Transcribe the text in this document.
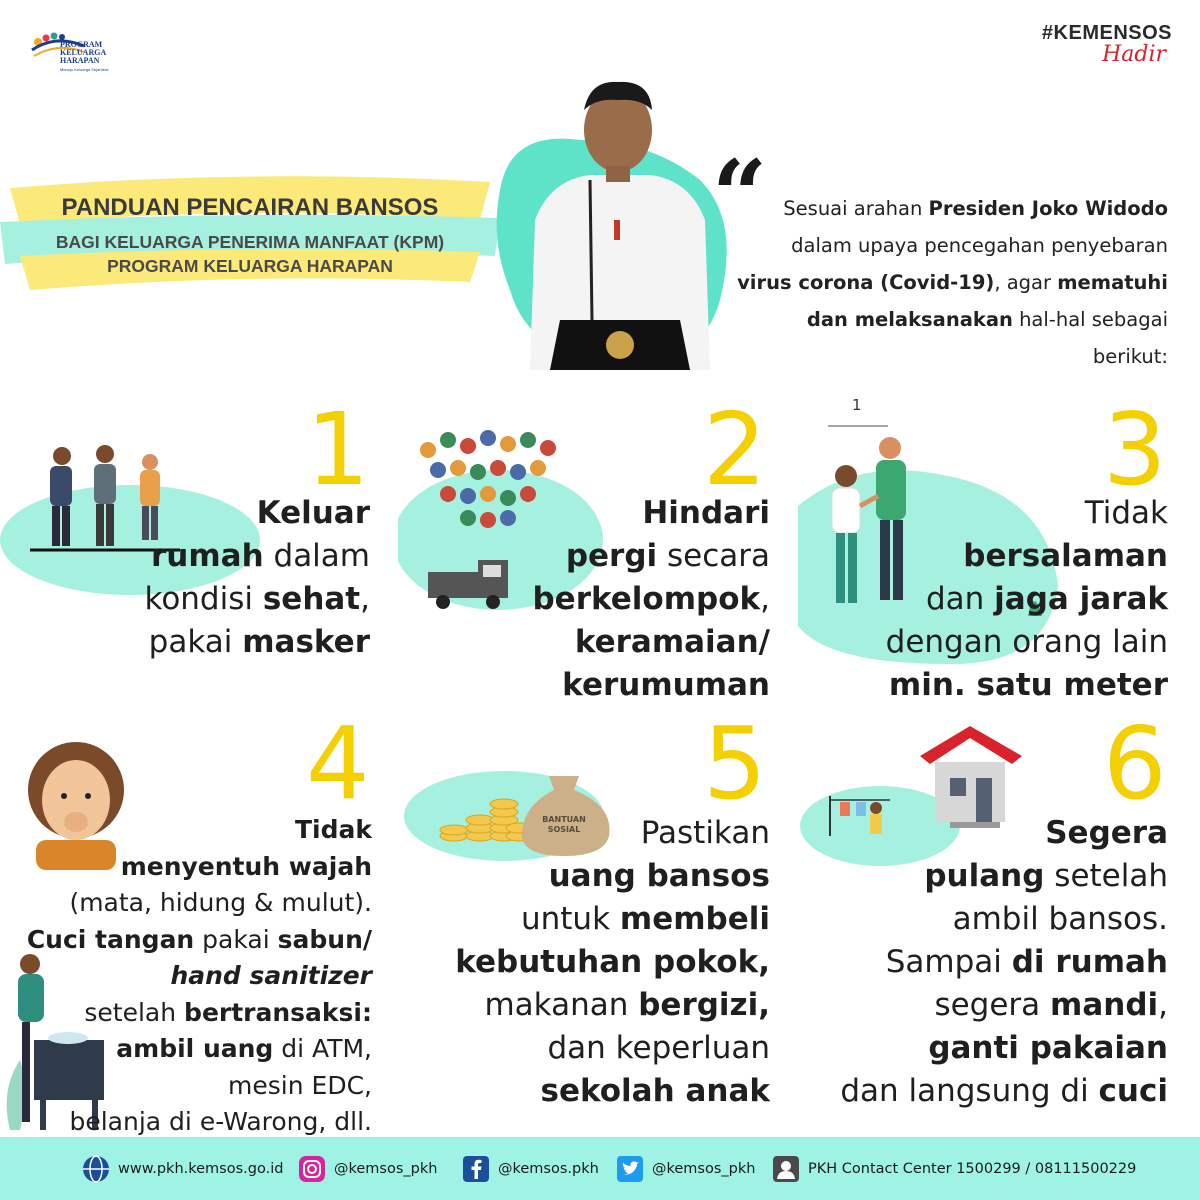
PROGRAM
KELUARGA
HARAPAN
Menuju Keluarga Sejahtera
#KEMENSOS
Hadir
PANDUAN PENCAIRAN BANSOS
BAGI KELUARGA PENERIMA MANFAAT (KPM)
PROGRAM KELUARGA HARAPAN
“ Sesuai arahan Presiden Joko Widodo
dalam upaya pencegahan penyebaran
virus corona (Covid-19), agar mematuhi
dan melaksanakan hal-hal sebagai berikut:
1
Keluar
rumah dalam
kondisi sehat,
pakai masker
2
Hindari
pergi secara
berkelompok,
keramaian/
kerumuman
1 3
Tidak
bersalaman
dan jaga jarak
dengan orang lain
min. satu meter
4
Tidak
menyentuh wajah
(mata, hidung & mulut).
Cuci tangan pakai sabun/
hand sanitizer
setelah bertransaksi:
ambil uang di ATM,
mesin EDC,
belanja di e-Warong, dll.
BANTUAN
SOSIAL
5
Pastikan
uang bansos
untuk membeli
kebutuhan pokok,
makanan bergizi,
dan keperluan
sekolah anak
6
Segera
pulang setelah
ambil bansos.
Sampai di rumah
segera mandi,
ganti pakaian
dan langsung di cuci
www.pkh.kemsos.go.id	@kemsos_pkh	@kemsos.pkh	@kemsos_pkh	PKH Contact Center 1500299 / 08111500229
